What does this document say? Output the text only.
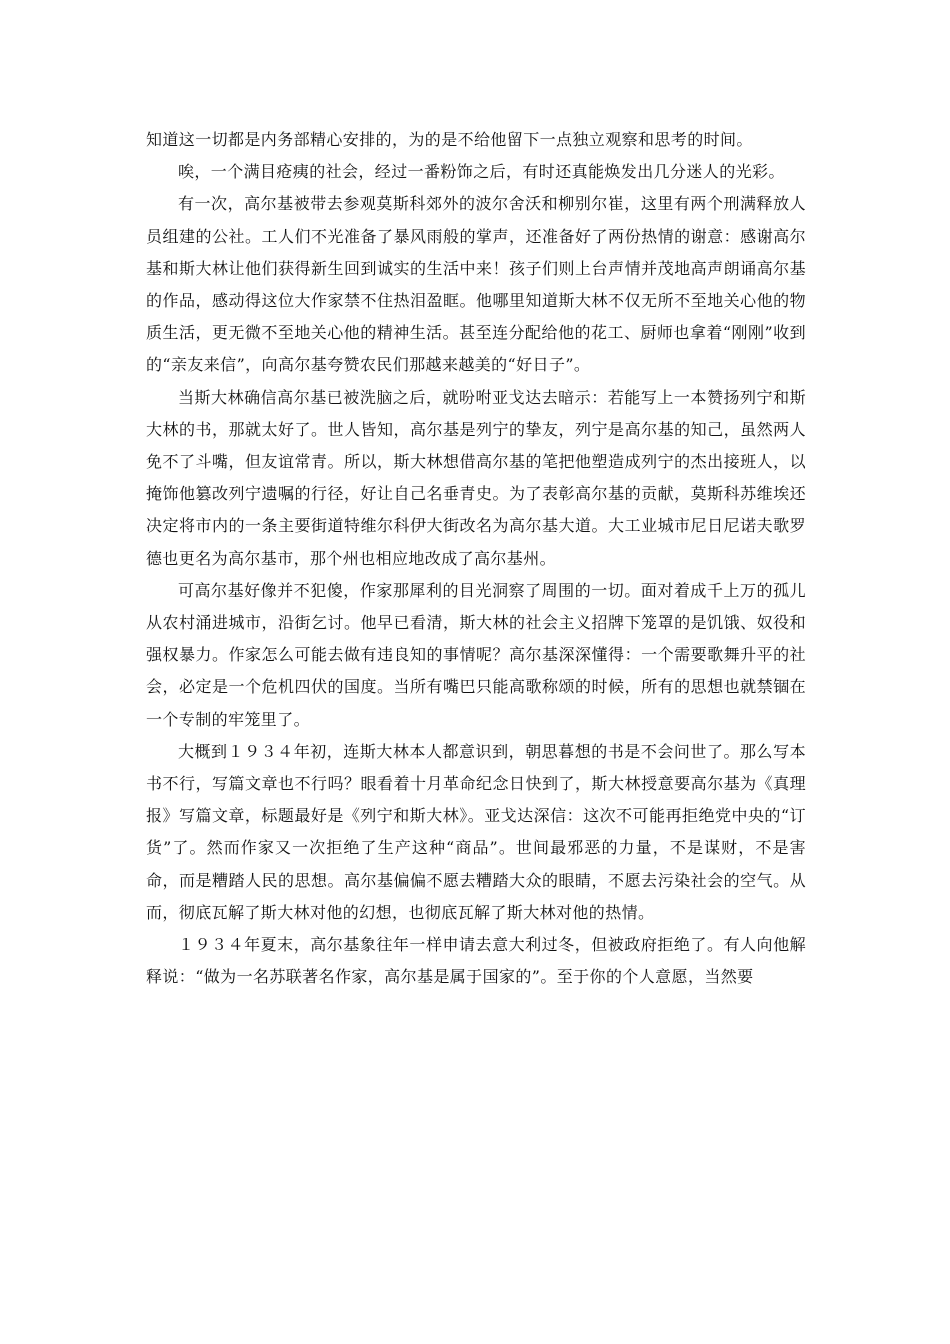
知道这一切都是内务部精心安排的，为的是不给他留下一点独立观察和思考的时间。

唉，一个满目疮痍的社会，经过一番粉饰之后，有时还真能焕发出几分迷人的光彩。

有一次，高尔基被带去参观莫斯科郊外的波尔舍沃和柳别尔崔，这里有两个刑满释放人员组建的公社。工人们不光准备了暴风雨般的掌声，还准备好了两份热情的谢意：感谢高尔基和斯大林让他们获得新生回到诚实的生活中来！孩子们则上台声情并茂地高声朗诵高尔基的作品，感动得这位大作家禁不住热泪盈眶。他哪里知道斯大林不仅无所不至地关心他的物质生活，更无微不至地关心他的精神生活。甚至连分配给他的花工、厨师也拿着“刚刚”收到的“亲友来信”，向高尔基夸赞农民们那越来越美的“好日子”。

当斯大林确信高尔基已被洗脑之后，就吩咐亚戈达去暗示：若能写上一本赞扬列宁和斯大林的书，那就太好了。世人皆知，高尔基是列宁的挚友，列宁是高尔基的知己，虽然两人免不了斗嘴，但友谊常青。所以，斯大林想借高尔基的笔把他塑造成列宁的杰出接班人，以掩饰他篡改列宁遗嘱的行径，好让自己名垂青史。为了表彰高尔基的贡献，莫斯科苏维埃还决定将市内的一条主要街道特维尔科伊大街改名为高尔基大道。大工业城市尼日尼诺夫歌罗德也更名为高尔基市，那个州也相应地改成了高尔基州。

可高尔基好像并不犯傻，作家那犀利的目光洞察了周围的一切。面对着成千上万的孤儿从农村涌进城市，沿街乞讨。他早已看清，斯大林的社会主义招牌下笼罩的是饥饿、奴役和强权暴力。作家怎么可能去做有违良知的事情呢？高尔基深深懂得：一个需要歌舞升平的社会，必定是一个危机四伏的国度。当所有嘴巴只能高歌称颂的时候，所有的思想也就禁锢在一个专制的牢笼里了。

大概到１９３４年初，连斯大林本人都意识到，朝思暮想的书是不会问世了。那么写本书不行，写篇文章也不行吗？眼看着十月革命纪念日快到了，斯大林授意要高尔基为《真理报》写篇文章，标题最好是《列宁和斯大林》。亚戈达深信：这次不可能再拒绝党中央的“订货”了。然而作家又一次拒绝了生产这种“商品”。世间最邪恶的力量，不是谋财，不是害命，而是糟踏人民的思想。高尔基偏偏不愿去糟踏大众的眼睛，不愿去污染社会的空气。从而，彻底瓦解了斯大林对他的幻想，也彻底瓦解了斯大林对他的热情。

１９３４年夏末，高尔基象往年一样申请去意大利过冬，但被政府拒绝了。有人向他解释说：“做为一名苏联著名作家，高尔基是属于国家的”。至于你的个人意愿，当然要
